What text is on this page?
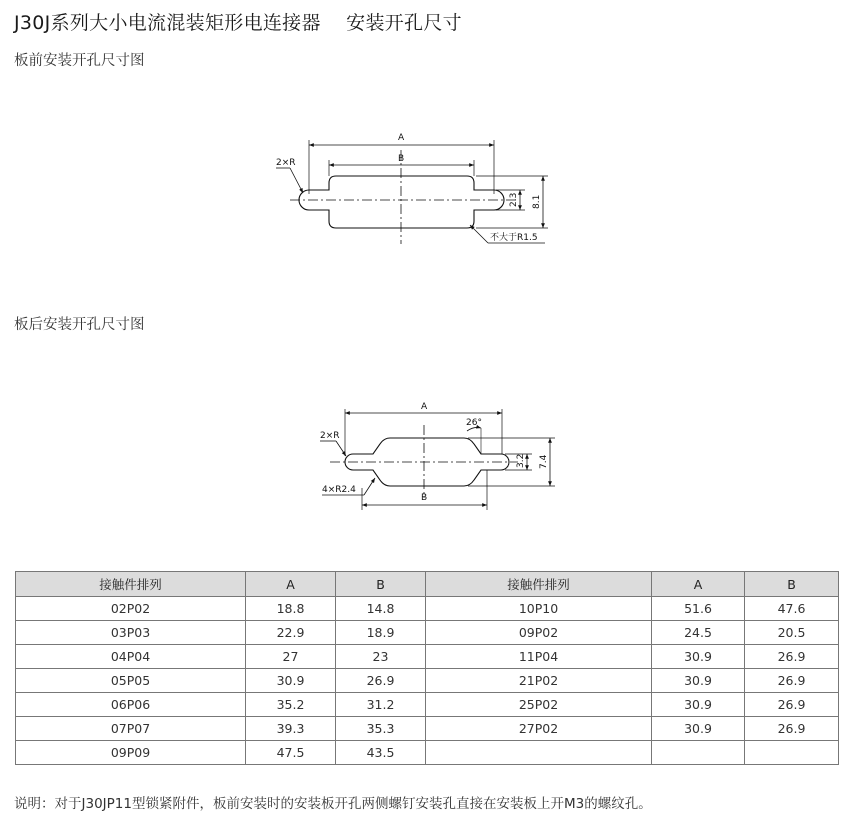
J30J系列大小电流混装矩形电连接器    安装开孔尺寸
板前安装开孔尺寸图
A
B
2×R
2.3 8.1
不大于R1.5
板后安装开孔尺寸图
A
B
26°
2×R
3.2 7.4
4×R2.4
接触件排列	A	B	接触件排列	A	B
02P02	18.8	14.8	10P10	51.6	47.6
03P03	22.9	18.9	09P02	24.5	20.5
04P04	27	23	11P04	30.9	26.9
05P05	30.9	26.9	21P02	30.9	26.9
06P06	35.2	31.2	25P02	30.9	26.9
07P07	39.3	35.3	27P02	30.9	26.9
09P09	47.5	43.5			
说明：对于J30JP11型锁紧附件，板前安装时的安装板开孔两侧螺钉安装孔直接在安装板上开M3的螺纹孔。
